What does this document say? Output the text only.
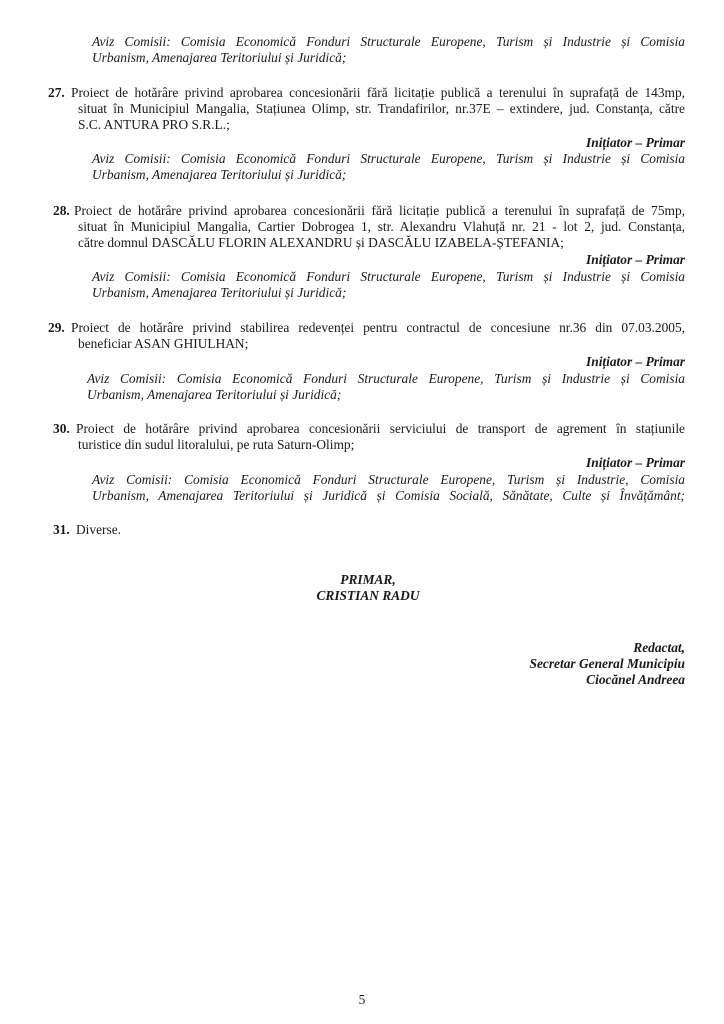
Aviz Comisii: Comisia Economică Fonduri Structurale Europene, Turism și Industrie și Comisia
Urbanism, Amenajarea Teritoriului și Juridică;
27. Proiect de hotărâre privind aprobarea concesionării fără licitație publică a terenului în suprafață de 143mp,
situat în Municipiul Mangalia, Stațiunea Olimp, str. Trandafirilor, nr.37E – extindere, jud. Constanța, către
S.C. ANTURA PRO S.R.L.;
Inițiator – Primar
Aviz Comisii: Comisia Economică Fonduri Structurale Europene, Turism și Industrie și Comisia
Urbanism, Amenajarea Teritoriului și Juridică;
28. Proiect de hotărâre privind aprobarea concesionării fără licitație publică a terenului în suprafață de 75mp,
situat în Municipiul Mangalia, Cartier Dobrogea 1, str. Alexandru Vlahuță nr. 21 - lot 2, jud. Constanța,
către domnul DASCĂLU FLORIN ALEXANDRU și DASCĂLU IZABELA-ȘTEFANIA;
Inițiator – Primar
Aviz Comisii: Comisia Economică Fonduri Structurale Europene, Turism și Industrie și Comisia
Urbanism, Amenajarea Teritoriului și Juridică;
29. Proiect de hotărâre privind stabilirea redevenței pentru contractul de concesiune nr.36 din 07.03.2005,
beneficiar ASAN GHIULHAN;
Inițiator – Primar
Aviz Comisii: Comisia Economică Fonduri Structurale Europene, Turism și Industrie și Comisia
Urbanism, Amenajarea Teritoriului și Juridică;
30. Proiect de hotărâre privind aprobarea concesionării serviciului de transport de agrement în stațiunile
turistice din sudul litoralului, pe ruta Saturn-Olimp;
Inițiator – Primar
Aviz Comisii: Comisia Economică Fonduri Structurale Europene, Turism și Industrie, Comisia
Urbanism, Amenajarea Teritoriului și Juridică și Comisia Socială, Sănătate, Culte și Învățământ;
31. Diverse.
PRIMAR,
CRISTIAN RADU
Redactat,
Secretar General Municipiu
Ciocănel Andreea
5
